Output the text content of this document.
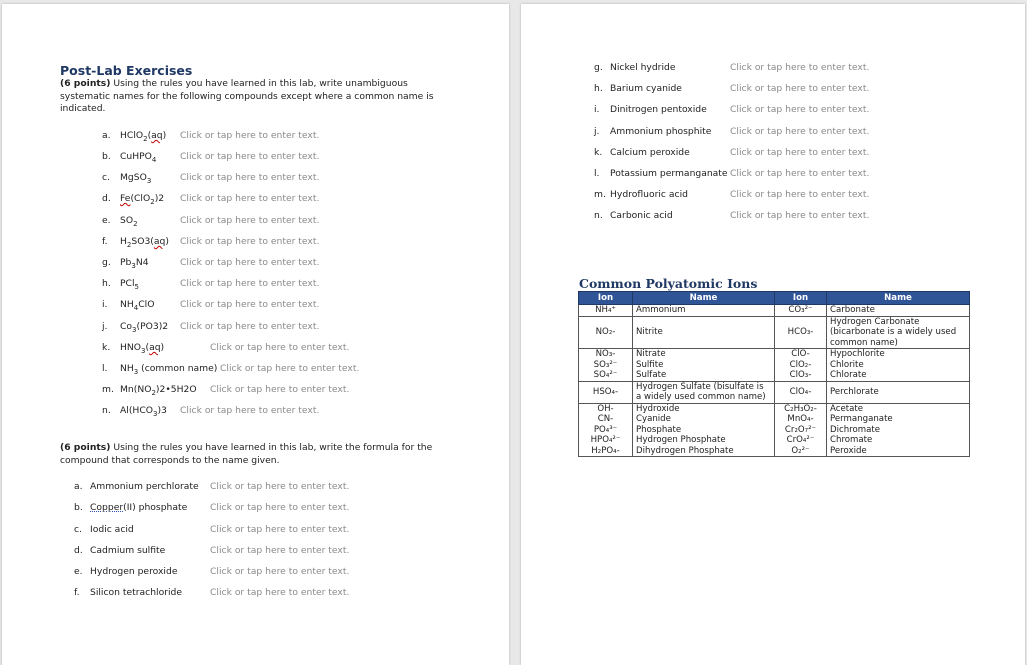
Post-Lab Exercises
(6 points) Using the rules you have learned in this lab, write unambiguous systematic names for the following compounds except where a common name is indicated.
a. HClO$_2$(aq) Click or tap here to enter text.
b. CuHPO$_4$	Click or tap here to enter text.
c. MgSO$_3$	Click or tap here to enter text.
d. Fe(ClO$_2$)2 Click or tap here to enter text.
e. $SO_2$	Click or tap here to enter text.
f. $H_2SO3(aq)$ Click or tap here to enter text.
g. $Pb_3N4$	Click or tap here to enter text.
h. PCl$_5$	Click or tap here to enter text.
i. $NH_4ClO$	Click or tap here to enter text.
j. $Co_3(PO3)2$ Click or tap here to enter text.
k. $HNO_3(aq)$	Click or tap here to enter text.
l. $NH_3$ (common name) Click or tap here to enter text.
m. $Mn(NO_2)2•5H2O$ Click or tap here to enter text.
n. $Al(HCO_3)3$ Click or tap here to enter text.
(6 points) Using the rules you have learned in this lab, write the formula for the compound that corresponds to the name given.
a. Ammonium perchlorate Click or tap here to enter text.
b. Copper(II) phosphate Click or tap here to enter text.
c. Iodic acid	Click or tap here to enter text.
d. Cadmium sulfite	Click or tap here to enter text.
e. Hydrogen peroxide	Click or tap here to enter text.
f. Silicon tetrachloride	Click or tap here to enter text.
g. Nickel hydride	Click or tap here to enter text.
h. Barium cyanide	Click or tap here to enter text.
i. Dinitrogen pentoxide	Click or tap here to enter text.
j. Ammonium phosphite Click or tap here to enter text.
k. Calcium peroxide	Click or tap here to enter text.
l. Potassium permanganate Click or tap here to enter text.
m. Hydrofluoric acid	Click or tap here to enter text.
n. Carbonic acid	Click or tap here to enter text.
Common Polyatomic Ions
Ion	Name	Ion	Name
NH₄⁺	Ammonium	CO₃²⁻	Carbonate
NO₂-	Nitrite	HCO₃-	Hydrogen Carbonate (bicarbonate is a widely used common name)
NO₃-	Nitrate	ClO-	Hypochlorite
SO₃²⁻	Sulfite	ClO₂-	Chlorite
SO₄²⁻	Sulfate	ClO₃-	Chlorate
HSO₄-	Hydrogen Sulfate (bisulfate is a widely used common name)	ClO₄-	Perchlorate
OH-	Hydroxide	C₂H₃O₂-	Acetate
CN-	Cyanide	MnO₄-	Permanganate
PO₄³⁻	Phosphate	Cr₂O₇²⁻	Dichromate
HPO₄²⁻	Hydrogen Phosphate	CrO₄²⁻	Chromate
H₂PO₄-	Dihydrogen Phosphate	O₂²⁻	Peroxide
